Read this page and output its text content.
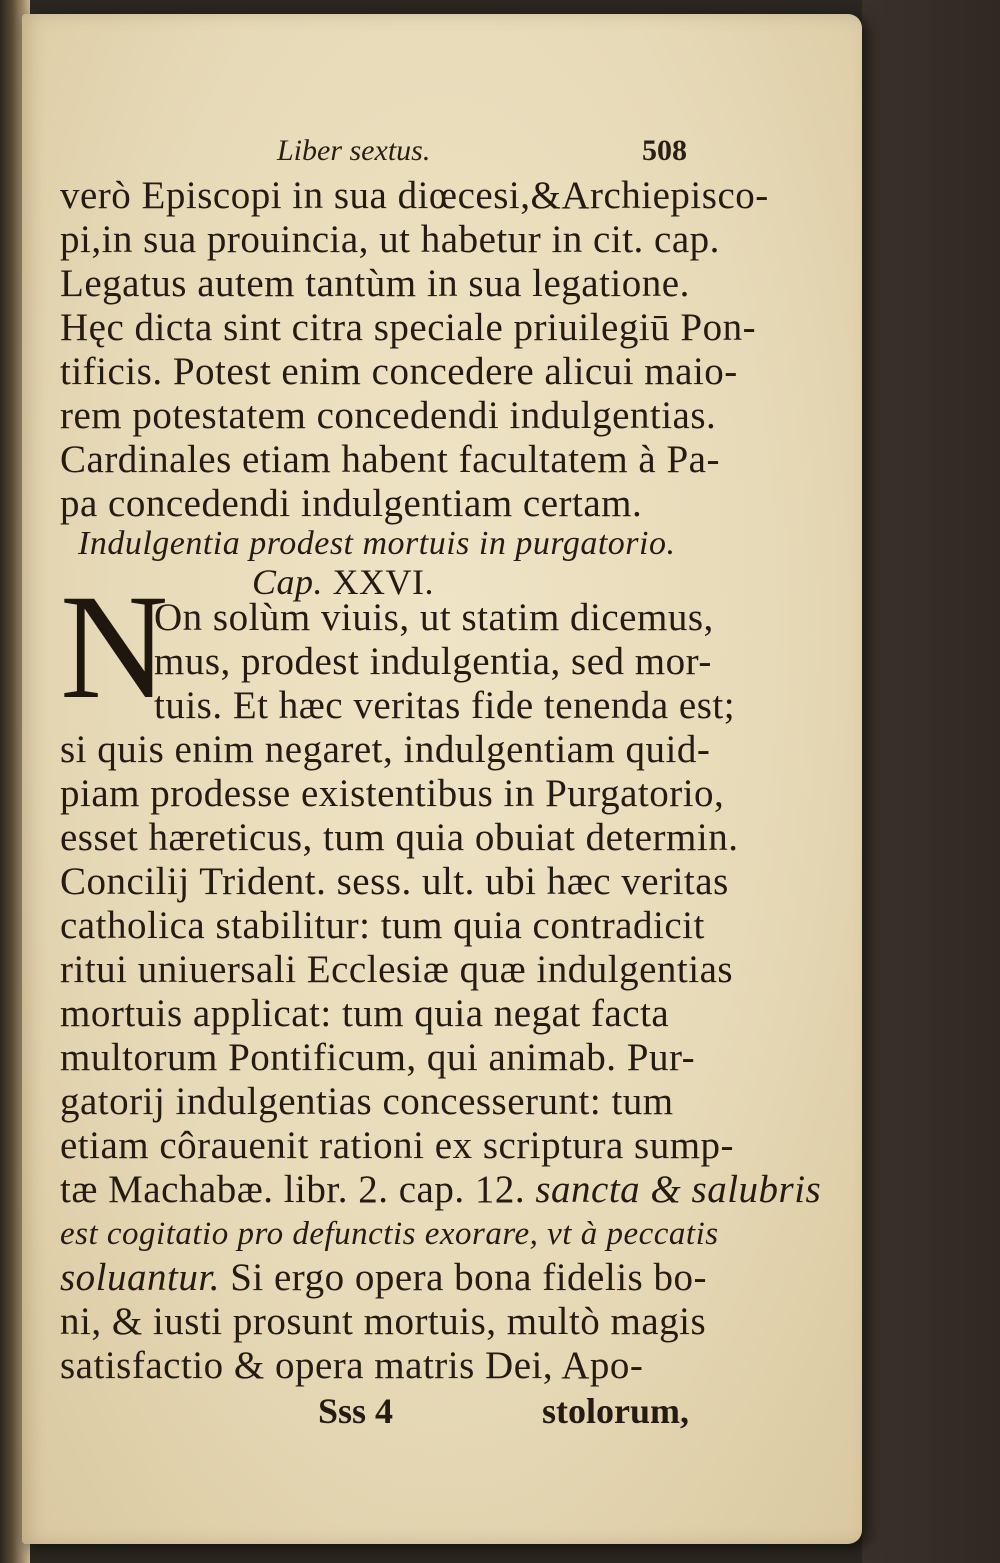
Liber sextus.	508
verò Episcopi in sua diœcesi,&Archiepisco-
pi,in sua prouincia, ut habetur in cit. cap.
Legatus autem tantùm in sua legatione.
Hęc dicta sint citra speciale priuilegiū Pon-
tificis. Potest enim concedere alicui maio-
rem potestatem concedendi indulgentias.
Cardinales etiam habent facultatem à Pa-
pa concedendi indulgentiam certam.
Indulgentia prodest mortuis in purgatorio.
Cap. XXVI.
N
On solùm viuis, ut statim dicemus,
mus, prodest indulgentia, sed mor-
tuis. Et hæc veritas fide tenenda est;
si quis enim negaret, indulgentiam quid-
piam prodesse existentibus in Purgatorio,
esset hæreticus, tum quia obuiat determin.
Concilij Trident. sess. ult. ubi hæc veritas
catholica stabilitur: tum quia contradicit
ritui uniuersali Ecclesiæ quæ indulgentias
mortuis applicat: tum quia negat facta
multorum Pontificum, qui animab. Pur-
gatorij indulgentias concesserunt: tum
etiam côrauenit rationi ex scriptura sump-
tæ Machabæ. libr. 2. cap. 12. sancta & salubris
est cogitatio pro defunctis exorare, vt à peccatis
soluantur. Si ergo opera bona fidelis bo-
ni, & iusti prosunt mortuis, multò magis
Sss 4	stolorum,
satisfactio & opera matris Dei, Apo-
